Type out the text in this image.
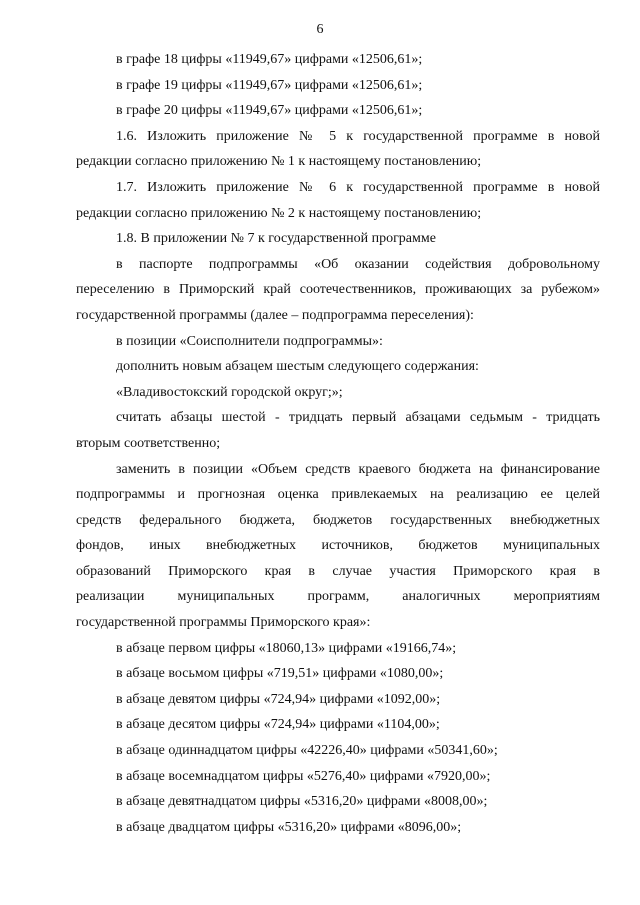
6
в графе 18 цифры «11949,67» цифрами «12506,61»;
в графе 19 цифры «11949,67» цифрами «12506,61»;
в графе 20 цифры «11949,67» цифрами «12506,61»;
1.6. Изложить приложение № 5 к государственной программе в новой
редакции согласно приложению № 1 к настоящему постановлению;
1.7. Изложить приложение № 6 к государственной программе в новой
редакции согласно приложению № 2 к настоящему постановлению;
1.8. В приложении № 7 к государственной программе
в паспорте подпрограммы «Об оказании содействия добровольному
переселению в Приморский край соотечественников, проживающих за рубежом»
государственной программы (далее – подпрограмма переселения):
в позиции «Соисполнители подпрограммы»:
дополнить новым абзацем шестым следующего содержания:
«Владивостокский городской округ;»;
считать абзацы шестой - тридцать первый абзацами седьмым - тридцать
вторым соответственно;
заменить в позиции «Объем средств краевого бюджета на финансирование
подпрограммы и прогнозная оценка привлекаемых на реализацию ее целей
средств федерального бюджета, бюджетов государственных внебюджетных
фондов, иных внебюджетных источников, бюджетов муниципальных
образований Приморского края в случае участия Приморского края в
реализации муниципальных программ, аналогичных мероприятиям
государственной программы Приморского края»:
в абзаце первом цифры «18060,13» цифрами «19166,74»;
в абзаце восьмом цифры «719,51» цифрами «1080,00»;
в абзаце девятом цифры «724,94» цифрами «1092,00»;
в абзаце десятом цифры «724,94» цифрами «1104,00»;
в абзаце одиннадцатом цифры «42226,40» цифрами «50341,60»;
в абзаце восемнадцатом цифры «5276,40» цифрами «7920,00»;
в абзаце девятнадцатом цифры «5316,20» цифрами «8008,00»;
в абзаце двадцатом цифры «5316,20» цифрами «8096,00»;
